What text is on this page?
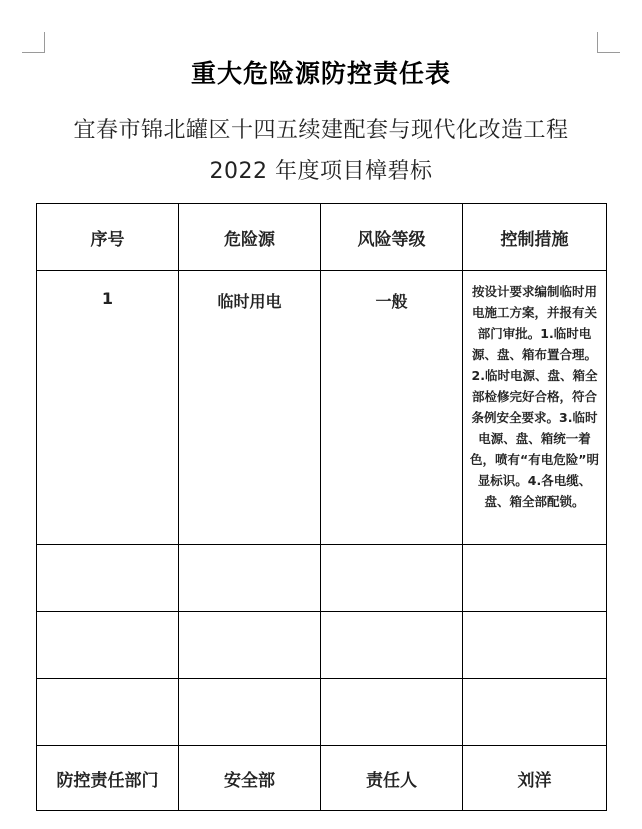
重大危险源防控责任表
宜春市锦北罐区十四五续建配套与现代化改造工程
2022 年度项目樟碧标
序号	危险源	风险等级	控制措施

1	临时用电	一般	按设计要求编制临时用电施工方案，并报有关部门审批。1.临时电源、盘、箱布置合理。2.临时电源、盘、箱全部检修完好合格，符合条例安全要求。3.临时电源、盘、箱统一着色，喷有“有电危险”明显标识。4.各电缆、盘、箱全部配锁。

防控责任部门	安全部	责任人	刘洋
